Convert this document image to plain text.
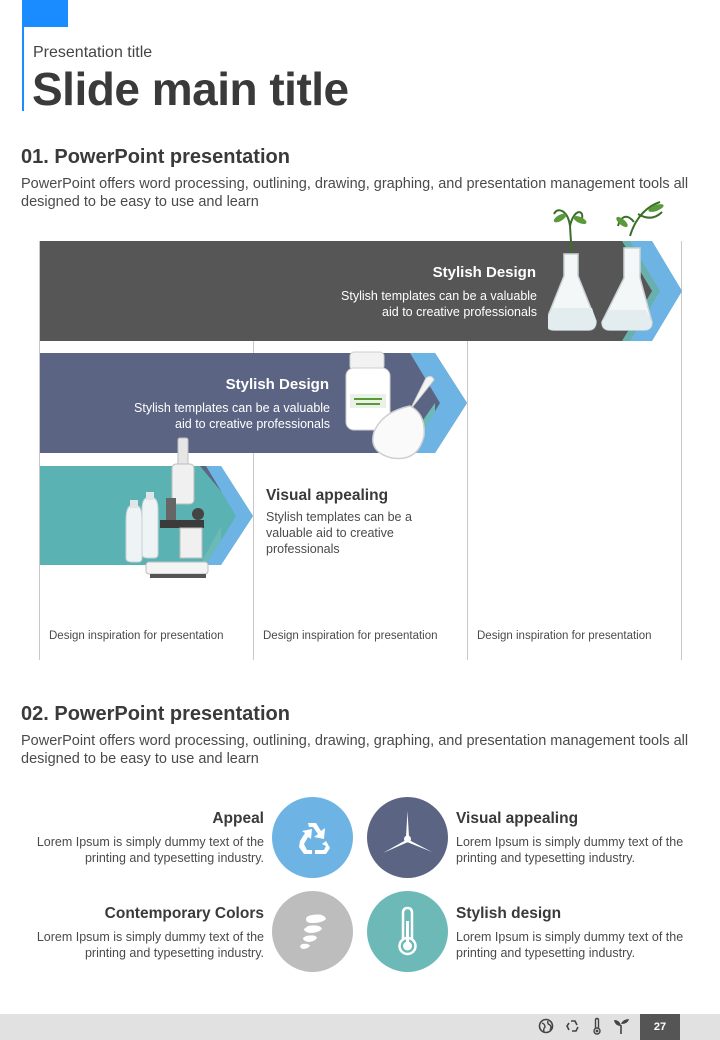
Presentation title
Slide main title
01. PowerPoint presentation
PowerPoint offers word processing, outlining, drawing, graphing, and presentation management tools all designed to be easy to use and learn
Stylish Design
Stylish templates can be a valuable
aid to creative professionals
Stylish Design
Stylish templates can be a valuable
aid to creative professionals
Visual appealing
Stylish templates can be a valuable aid to creative professionals
Design inspiration for presentation	Design inspiration for presentation	Design inspiration for presentation
02. PowerPoint presentation
PowerPoint offers word processing, outlining, drawing, graphing, and presentation management tools all designed to be easy to use and learn
Appeal
Lorem Ipsum is simply dummy text of the printing and typesetting industry.
Visual appealing
Lorem Ipsum is simply dummy text of the printing and typesetting industry.
Contemporary Colors
Lorem Ipsum is simply dummy text of the printing and typesetting industry.
Stylish design
Lorem Ipsum is simply dummy text of the printing and typesetting industry.
27
